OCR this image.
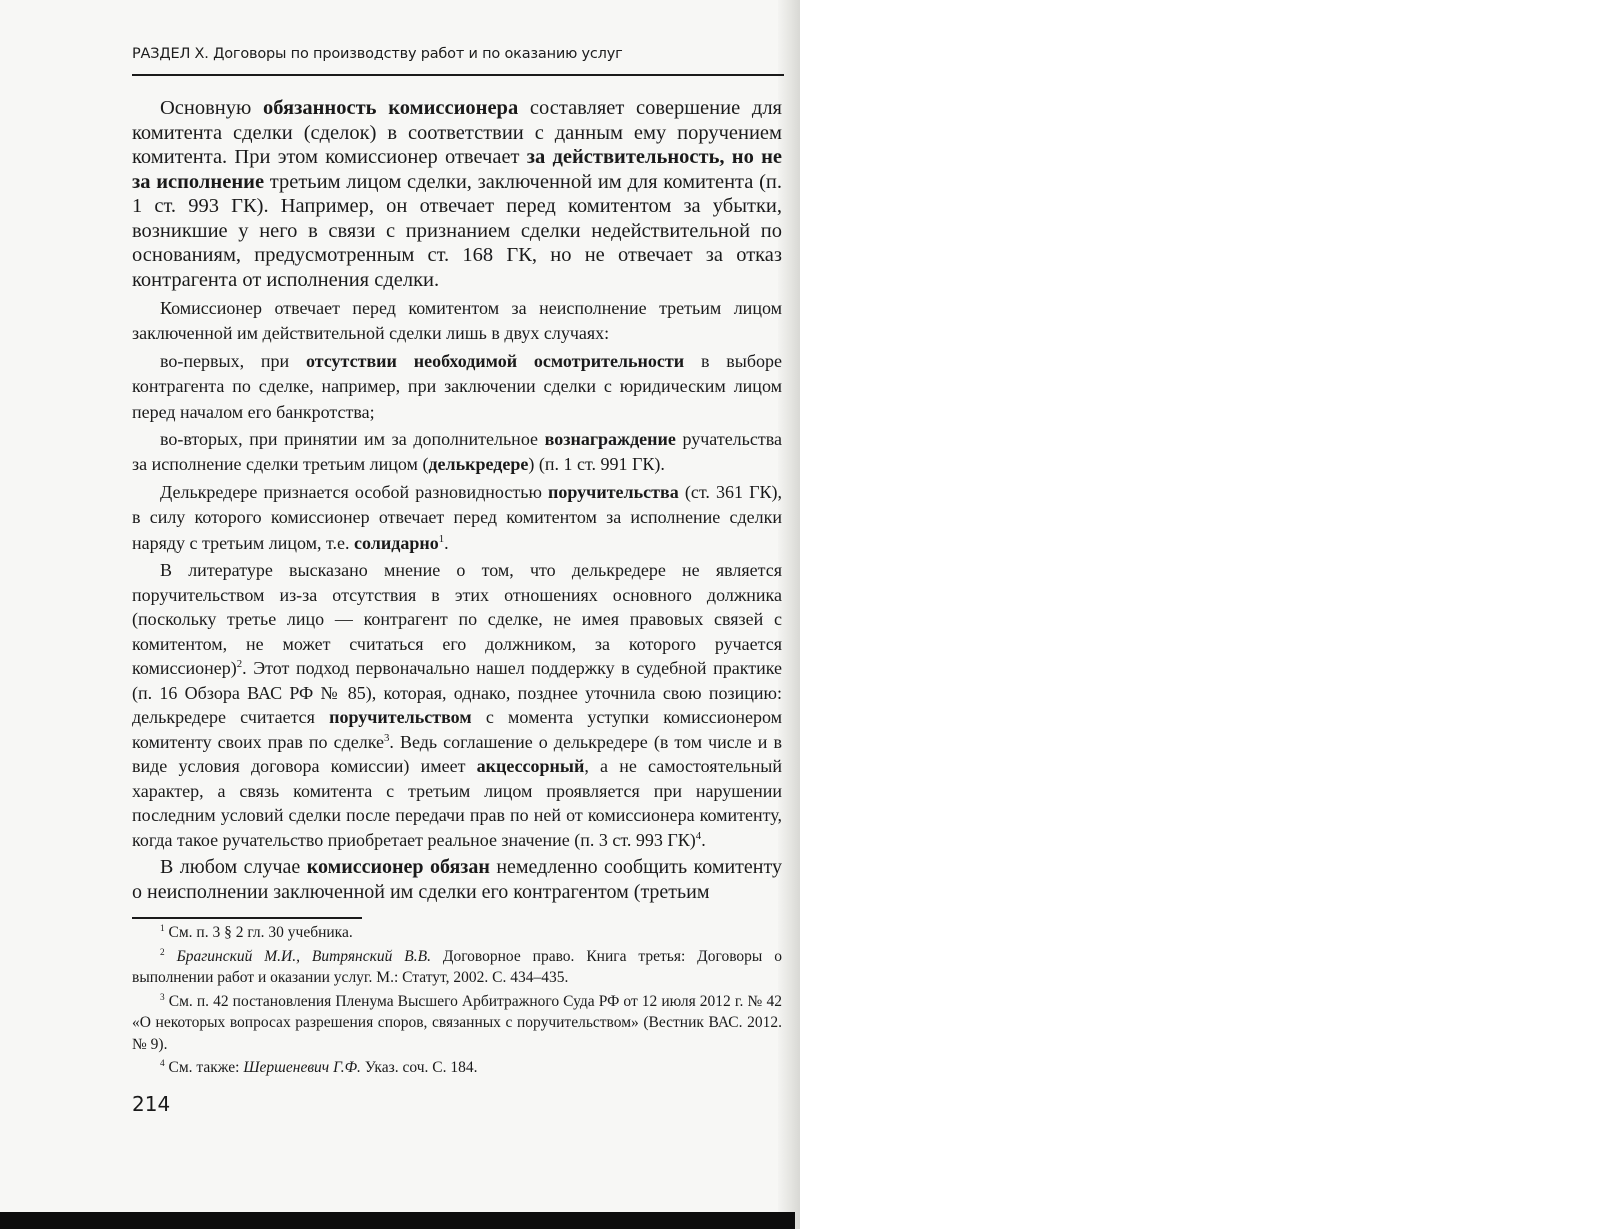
РАЗДЕЛ X. Договоры по производству работ и по оказанию услуг

Основную обязанность комиссионера составляет совершение для комитента сделки (сделок) в соответствии с данным ему поручением комитента. При этом комиссионер отвечает за действительность, но не за исполнение третьим лицом сделки, заключенной им для комитента (п. 1 ст. 993 ГК). Например, он отвечает перед комитентом за убытки, возникшие у него в связи с признанием сделки недействительной по основаниям, предусмотренным ст. 168 ГК, но не отвечает за отказ контрагента от исполнения сделки.

Комиссионер отвечает перед комитентом за неисполнение третьим лицом заключенной им действительной сделки лишь в двух случаях:

во-первых, при отсутствии необходимой осмотрительности в выборе контрагента по сделке, например, при заключении сделки с юридическим лицом перед началом его банкротства;

во-вторых, при принятии им за дополнительное вознаграждение ручательства за исполнение сделки третьим лицом (делькредере) (п. 1 ст. 991 ГК).

Делькредере признается особой разновидностью поручительства (ст. 361 ГК), в силу которого комиссионер отвечает перед комитентом за исполнение сделки наряду с третьим лицом, т.е. солидарно$^1$.

В литературе высказано мнение о том, что делькредере не является поручительством из-за отсутствия в этих отношениях основного должника (поскольку третье лицо — контрагент по сделке, не имея правовых связей с комитентом, не может считаться его должником, за которого ручается комиссионер)$^2$. Этот подход первоначально нашел поддержку в судебной практике (п. 16 Обзора ВАС РФ № 85), которая, однако, позднее уточнила свою позицию: делькредере считается поручительством с момента уступки комиссионером комитенту своих прав по сделке$^3$. Ведь соглашение о делькредере (в том числе и в виде условия договора комиссии) имеет акцессорный, а не самостоятельный характер, а связь комитента с третьим лицом проявляется при нарушении последним условий сделки после передачи прав по ней от комиссионера комитенту, когда такое ручательство приобретает реальное значение (п. 3 ст. 993 ГК)$^4$.

В любом случае комиссионер обязан немедленно сообщить комитенту о неисполнении заключенной им сделки его контрагентом (третьим

$^1$ См. п. 3 § 2 гл. 30 учебника.

$^2$ Брагинский М.И., Витрянский В.В. Договорное право. Книга третья: Договоры о выполнении работ и оказании услуг. М.: Статут, 2002. С. 434–435.

$^3$ См. п. 42 постановления Пленума Высшего Арбитражного Суда РФ от 12 июля 2012 г. № 42 «О некоторых вопросах разрешения споров, связанных с поручительством» (Вестник ВАС. 2012. № 9).

$^4$ См. также: Шершеневич Г.Ф. Указ. соч. С. 184.

214
